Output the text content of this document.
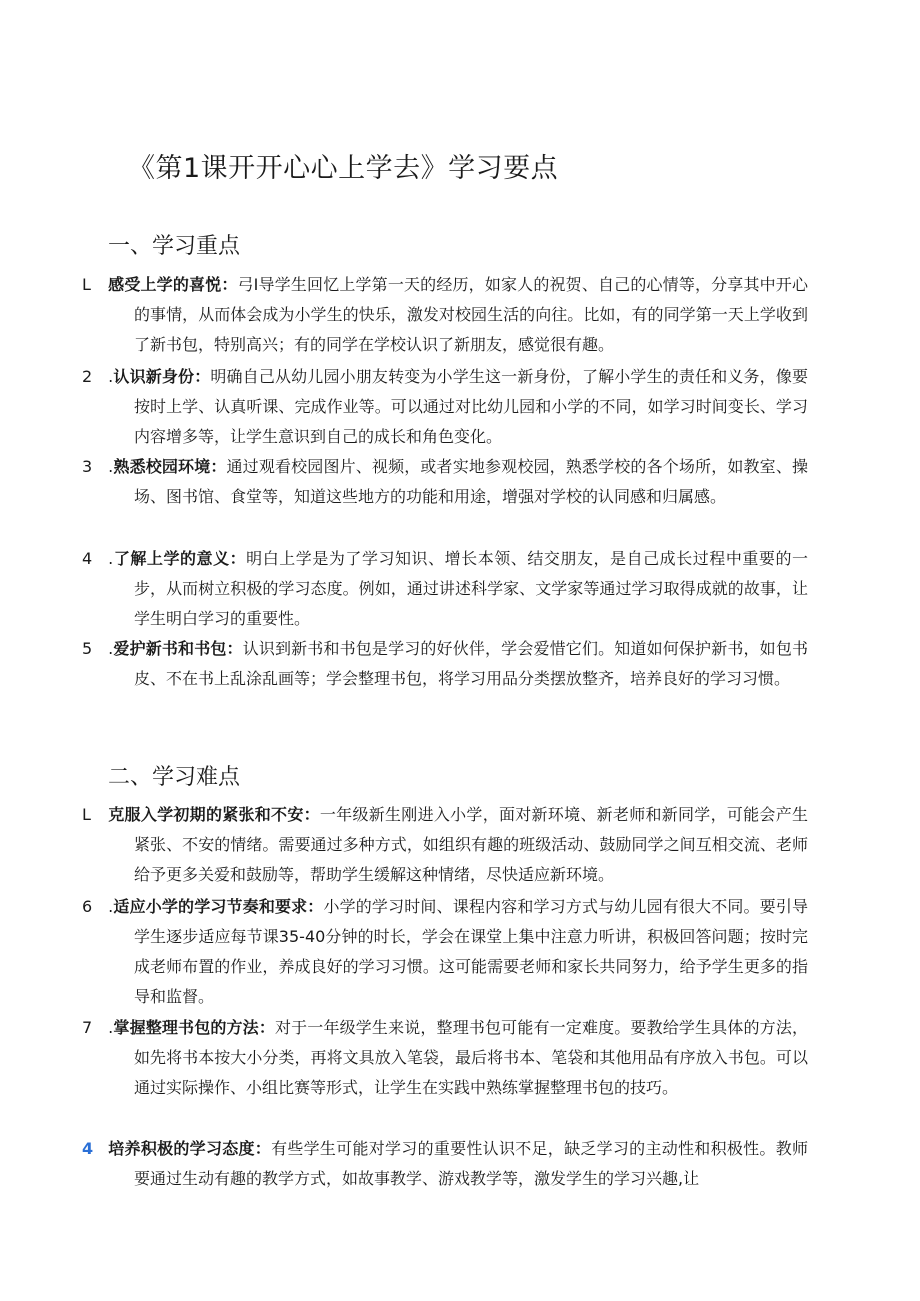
《第1课开开心心上学去》学习要点
一、学习重点

L 感受上学的喜悦：弓I导学生回忆上学第一天的经历，如家人的祝贺、自己的心情等，分享其中开心的事情，从而体会成为小学生的快乐，激发对校园生活的向往。比如，有的同学第一天上学收到了新书包，特别高兴；有的同学在学校认识了新朋友，感觉很有趣。

2　.认识新身份：明确自己从幼儿园小朋友转变为小学生这一新身份，了解小学生的责任和义务，像要按时上学、认真听课、完成作业等。可以通过对比幼儿园和小学的不同，如学习时间变长、学习内容增多等，让学生意识到自己的成长和角色变化。

3　.熟悉校园环境：通过观看校园图片、视频，或者实地参观校园，熟悉学校的各个场所，如教室、操场、图书馆、食堂等，知道这些地方的功能和用途，增强对学校的认同感和归属感。

4　.了解上学的意义：明白上学是为了学习知识、增长本领、结交朋友，是自己成长过程中重要的一步，从而树立积极的学习态度。例如，通过讲述科学家、文学家等通过学习取得成就的故事，让学生明白学习的重要性。

5　.爱护新书和书包：认识到新书和书包是学习的好伙伴，学会爱惜它们。知道如何保护新书，如包书皮、不在书上乱涂乱画等；学会整理书包，将学习用品分类摆放整齐，培养良好的学习习惯。

二、学习难点

L 克服入学初期的紧张和不安：一年级新生刚进入小学，面对新环境、新老师和新同学，可能会产生紧张、不安的情绪。需要通过多种方式，如组织有趣的班级活动、鼓励同学之间互相交流、老师给予更多关爱和鼓励等，帮助学生缓解这种情绪，尽快适应新环境。

6　.适应小学的学习节奏和要求：小学的学习时间、课程内容和学习方式与幼儿园有很大不同。要引导学生逐步适应每节课35-40分钟的时长，学会在课堂上集中注意力听讲，积极回答问题；按时完成老师布置的作业，养成良好的学习习惯。这可能需要老师和家长共同努力，给予学生更多的指导和监督。

7　.掌握整理书包的方法：对于一年级学生来说，整理书包可能有一定难度。要教给学生具体的方法，如先将书本按大小分类，再将文具放入笔袋，最后将书本、笔袋和其他用品有序放入书包。可以通过实际操作、小组比赛等形式，让学生在实践中熟练掌握整理书包的技巧。

4 培养积极的学习态度：有些学生可能对学习的重要性认识不足，缺乏学习的主动性和积极性。教师要通过生动有趣的教学方式，如故事教学、游戏教学等，激发学生的学习兴趣,让
